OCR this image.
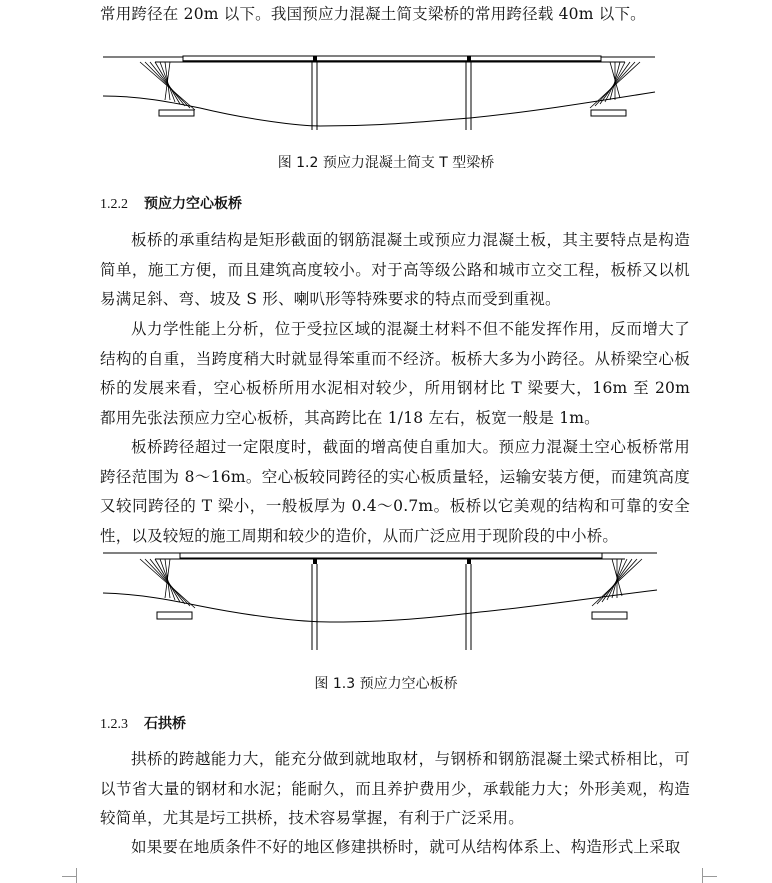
常用跨径在 20m 以下。我国预应力混凝土简支梁桥的常用跨径载 40m 以下。

图 1.2 预应力混凝土简支 T 型梁桥
1.2.2 预应力空心板桥

板桥的承重结构是矩形截面的钢筋混凝土或预应力混凝土板，其主要特点是构造简单，施工方便，而且建筑高度较小。对于高等级公路和城市立交工程，板桥又以机易满足斜、弯、坡及 S 形、喇叭形等特殊要求的特点而受到重视。

从力学性能上分析，位于受拉区域的混凝土材料不但不能发挥作用，反而增大了结构的自重，当跨度稍大时就显得笨重而不经济。板桥大多为小跨径。从桥梁空心板桥的发展来看，空心板桥所用水泥相对较少，所用钢材比 T 梁要大，16m 至 20m 都用先张法预应力空心板桥，其高跨比在 1/18 左右，板宽一般是 1m。

板桥跨径超过一定限度时，截面的增高使自重加大。预应力混凝土空心板桥常用跨径范围为 8～16m。空心板较同跨径的实心板质量轻，运输安装方便，而建筑高度又较同跨径的 T 梁小，一般板厚为 0.4～0.7m。板桥以它美观的结构和可靠的安全性，以及较短的施工周期和较少的造价，从而广泛应用于现阶段的中小桥。

图 1.3 预应力空心板桥
1.2.3 石拱桥

拱桥的跨越能力大，能充分做到就地取材，与钢桥和钢筋混凝土梁式桥相比，可以节省大量的钢材和水泥；能耐久，而且养护费用少，承载能力大；外形美观，构造较简单，尤其是圬工拱桥，技术容易掌握，有利于广泛采用。

如果要在地质条件不好的地区修建拱桥时，就可从结构体系上、构造形式上采取
